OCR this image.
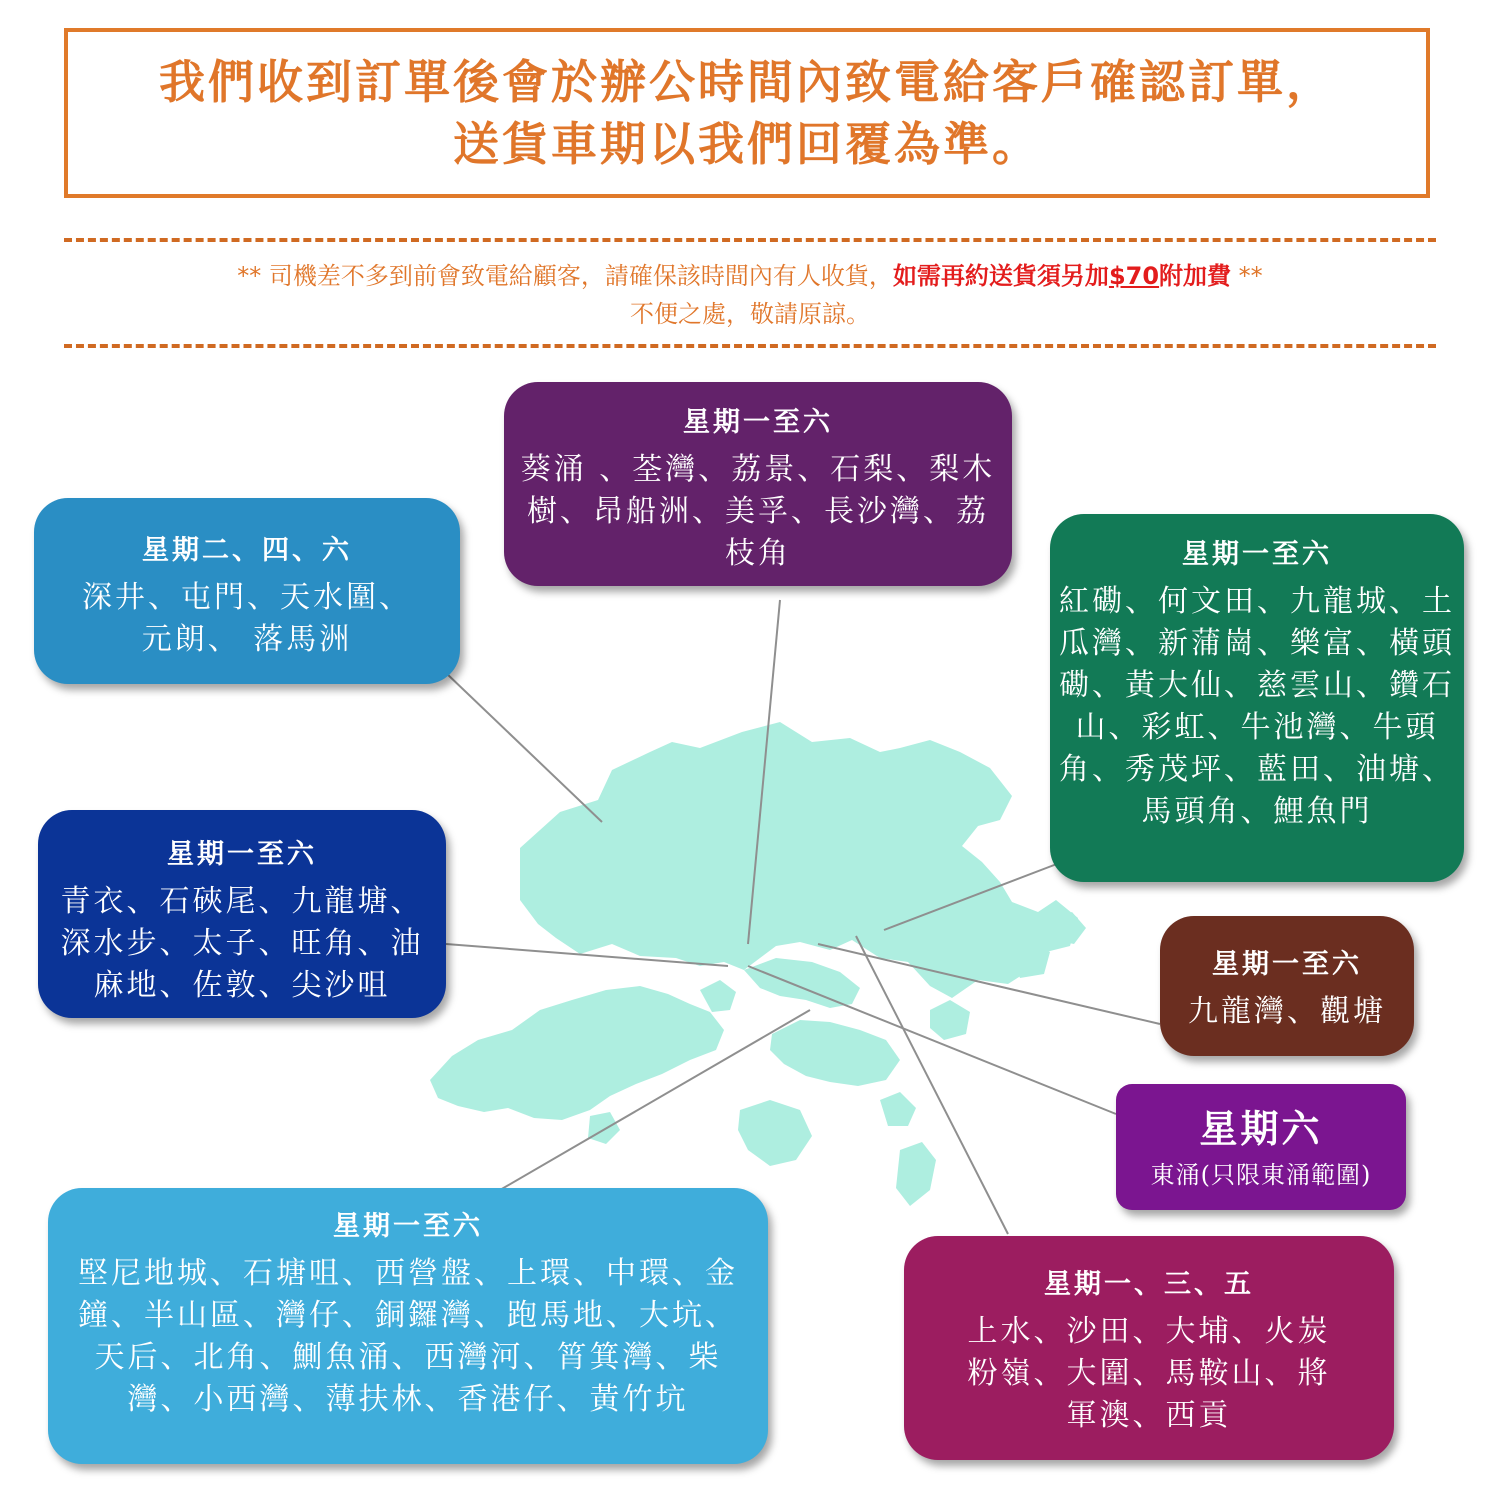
我們收到訂單後會於辦公時間內致電給客戶確認訂單，
送貨車期以我們回覆為準。
** 司機差不多到前會致電給顧客，請確保該時間內有人收貨，如需再約送貨須另加$70附加費 **
不便之處，敬請原諒。
星期一至六
葵涌 、荃灣、荔景、石梨、梨木樹、昂船洲、美孚、長沙灣、荔枝角
星期二、四、六
深井、屯門、天水圍、元朗、 落馬洲
星期一至六
紅磡、何文田、九龍城、土瓜灣、新蒲崗、樂富、橫頭磡、黃大仙、慈雲山、鑽石山、彩虹、牛池灣、牛頭角、秀茂坪、藍田、油塘、馬頭角、鯉魚門
星期一至六
青衣、石硤尾、九龍塘、深水步、太子、旺角、油麻地、佐敦、尖沙咀
星期一至六
九龍灣、觀塘
星期六
東涌(只限東涌範圍)
星期一至六
堅尼地城、石塘咀、西營盤、上環、中環、金鐘、半山區、灣仔、銅鑼灣、跑馬地、大坑、天后、北角、鰂魚涌、西灣河、筲箕灣、柴灣、小西灣、薄扶林、香港仔、黃竹坑
星期一、三、五
上水、沙田、大埔、火炭粉嶺、大圍、馬鞍山、將軍澳、西貢
